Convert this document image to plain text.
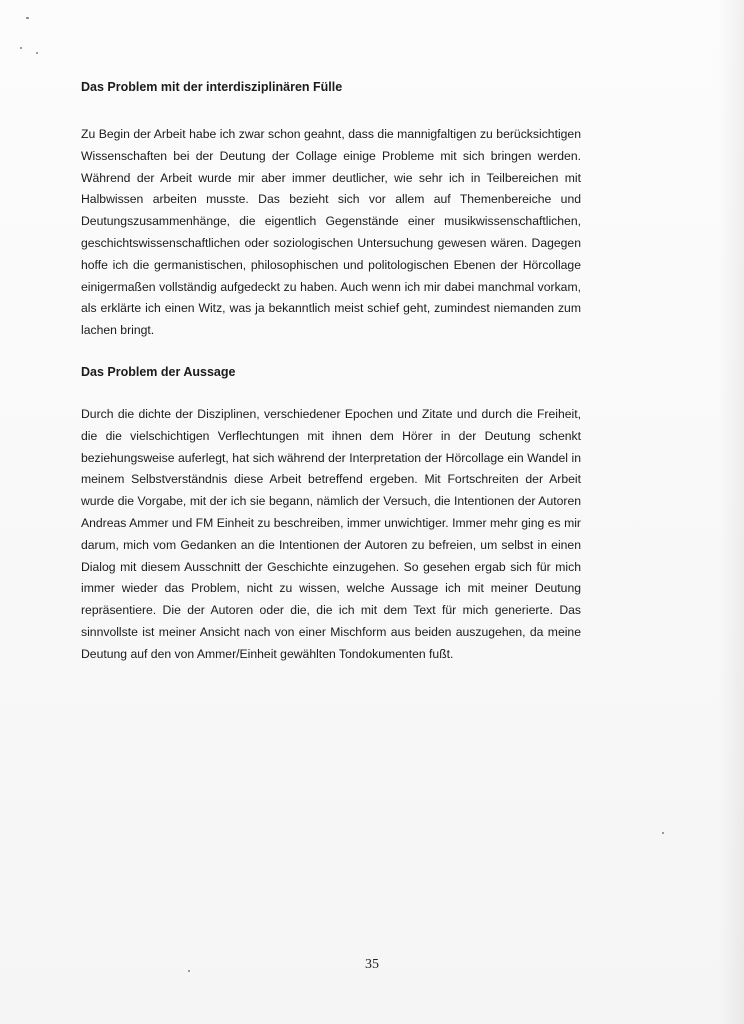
Das Problem mit der interdisziplinären Fülle

Zu Begin der Arbeit habe ich zwar schon geahnt, dass die mannigfaltigen zu berücksichtigen Wissenschaften bei der Deutung der Collage einige Probleme mit sich bringen werden. Während der Arbeit wurde mir aber immer deutlicher, wie sehr ich in Teilbereichen mit Halbwissen arbeiten musste. Das bezieht sich vor allem auf Themenbereiche und Deutungszusammenhänge, die eigentlich Gegenstände einer musikwissenschaftlichen, geschichtswissenschaftlichen oder soziologischen Untersuchung gewesen wären. Dagegen hoffe ich die germanistischen, philosophischen und politologischen Ebenen der Hörcollage einigermaßen vollständig aufgedeckt zu haben. Auch wenn ich mir dabei manchmal vorkam, als erklärte ich einen Witz, was ja bekanntlich meist schief geht, zumindest niemanden zum lachen bringt.

Das Problem der Aussage

Durch die dichte der Disziplinen, verschiedener Epochen und Zitate und durch die Freiheit, die die vielschichtigen Verflechtungen mit ihnen dem Hörer in der Deutung schenkt beziehungsweise auferlegt, hat sich während der Interpretation der Hörcollage ein Wandel in meinem Selbstverständnis diese Arbeit betreffend ergeben. Mit Fortschreiten der Arbeit wurde die Vorgabe, mit der ich sie begann, nämlich der Versuch, die Intentionen der Autoren Andreas Ammer und FM Einheit zu beschreiben, immer unwichtiger. Immer mehr ging es mir darum, mich vom Gedanken an die Intentionen der Autoren zu befreien, um selbst in einen Dialog mit diesem Ausschnitt der Geschichte einzugehen. So gesehen ergab sich für mich immer wieder das Problem, nicht zu wissen, welche Aussage ich mit meiner Deutung repräsentiere. Die der Autoren oder die, die ich mit dem Text für mich generierte. Das sinnvollste ist meiner Ansicht nach von einer Mischform aus beiden auszugehen, da meine Deutung auf den von Ammer/Einheit gewählten Tondokumenten fußt.

35
